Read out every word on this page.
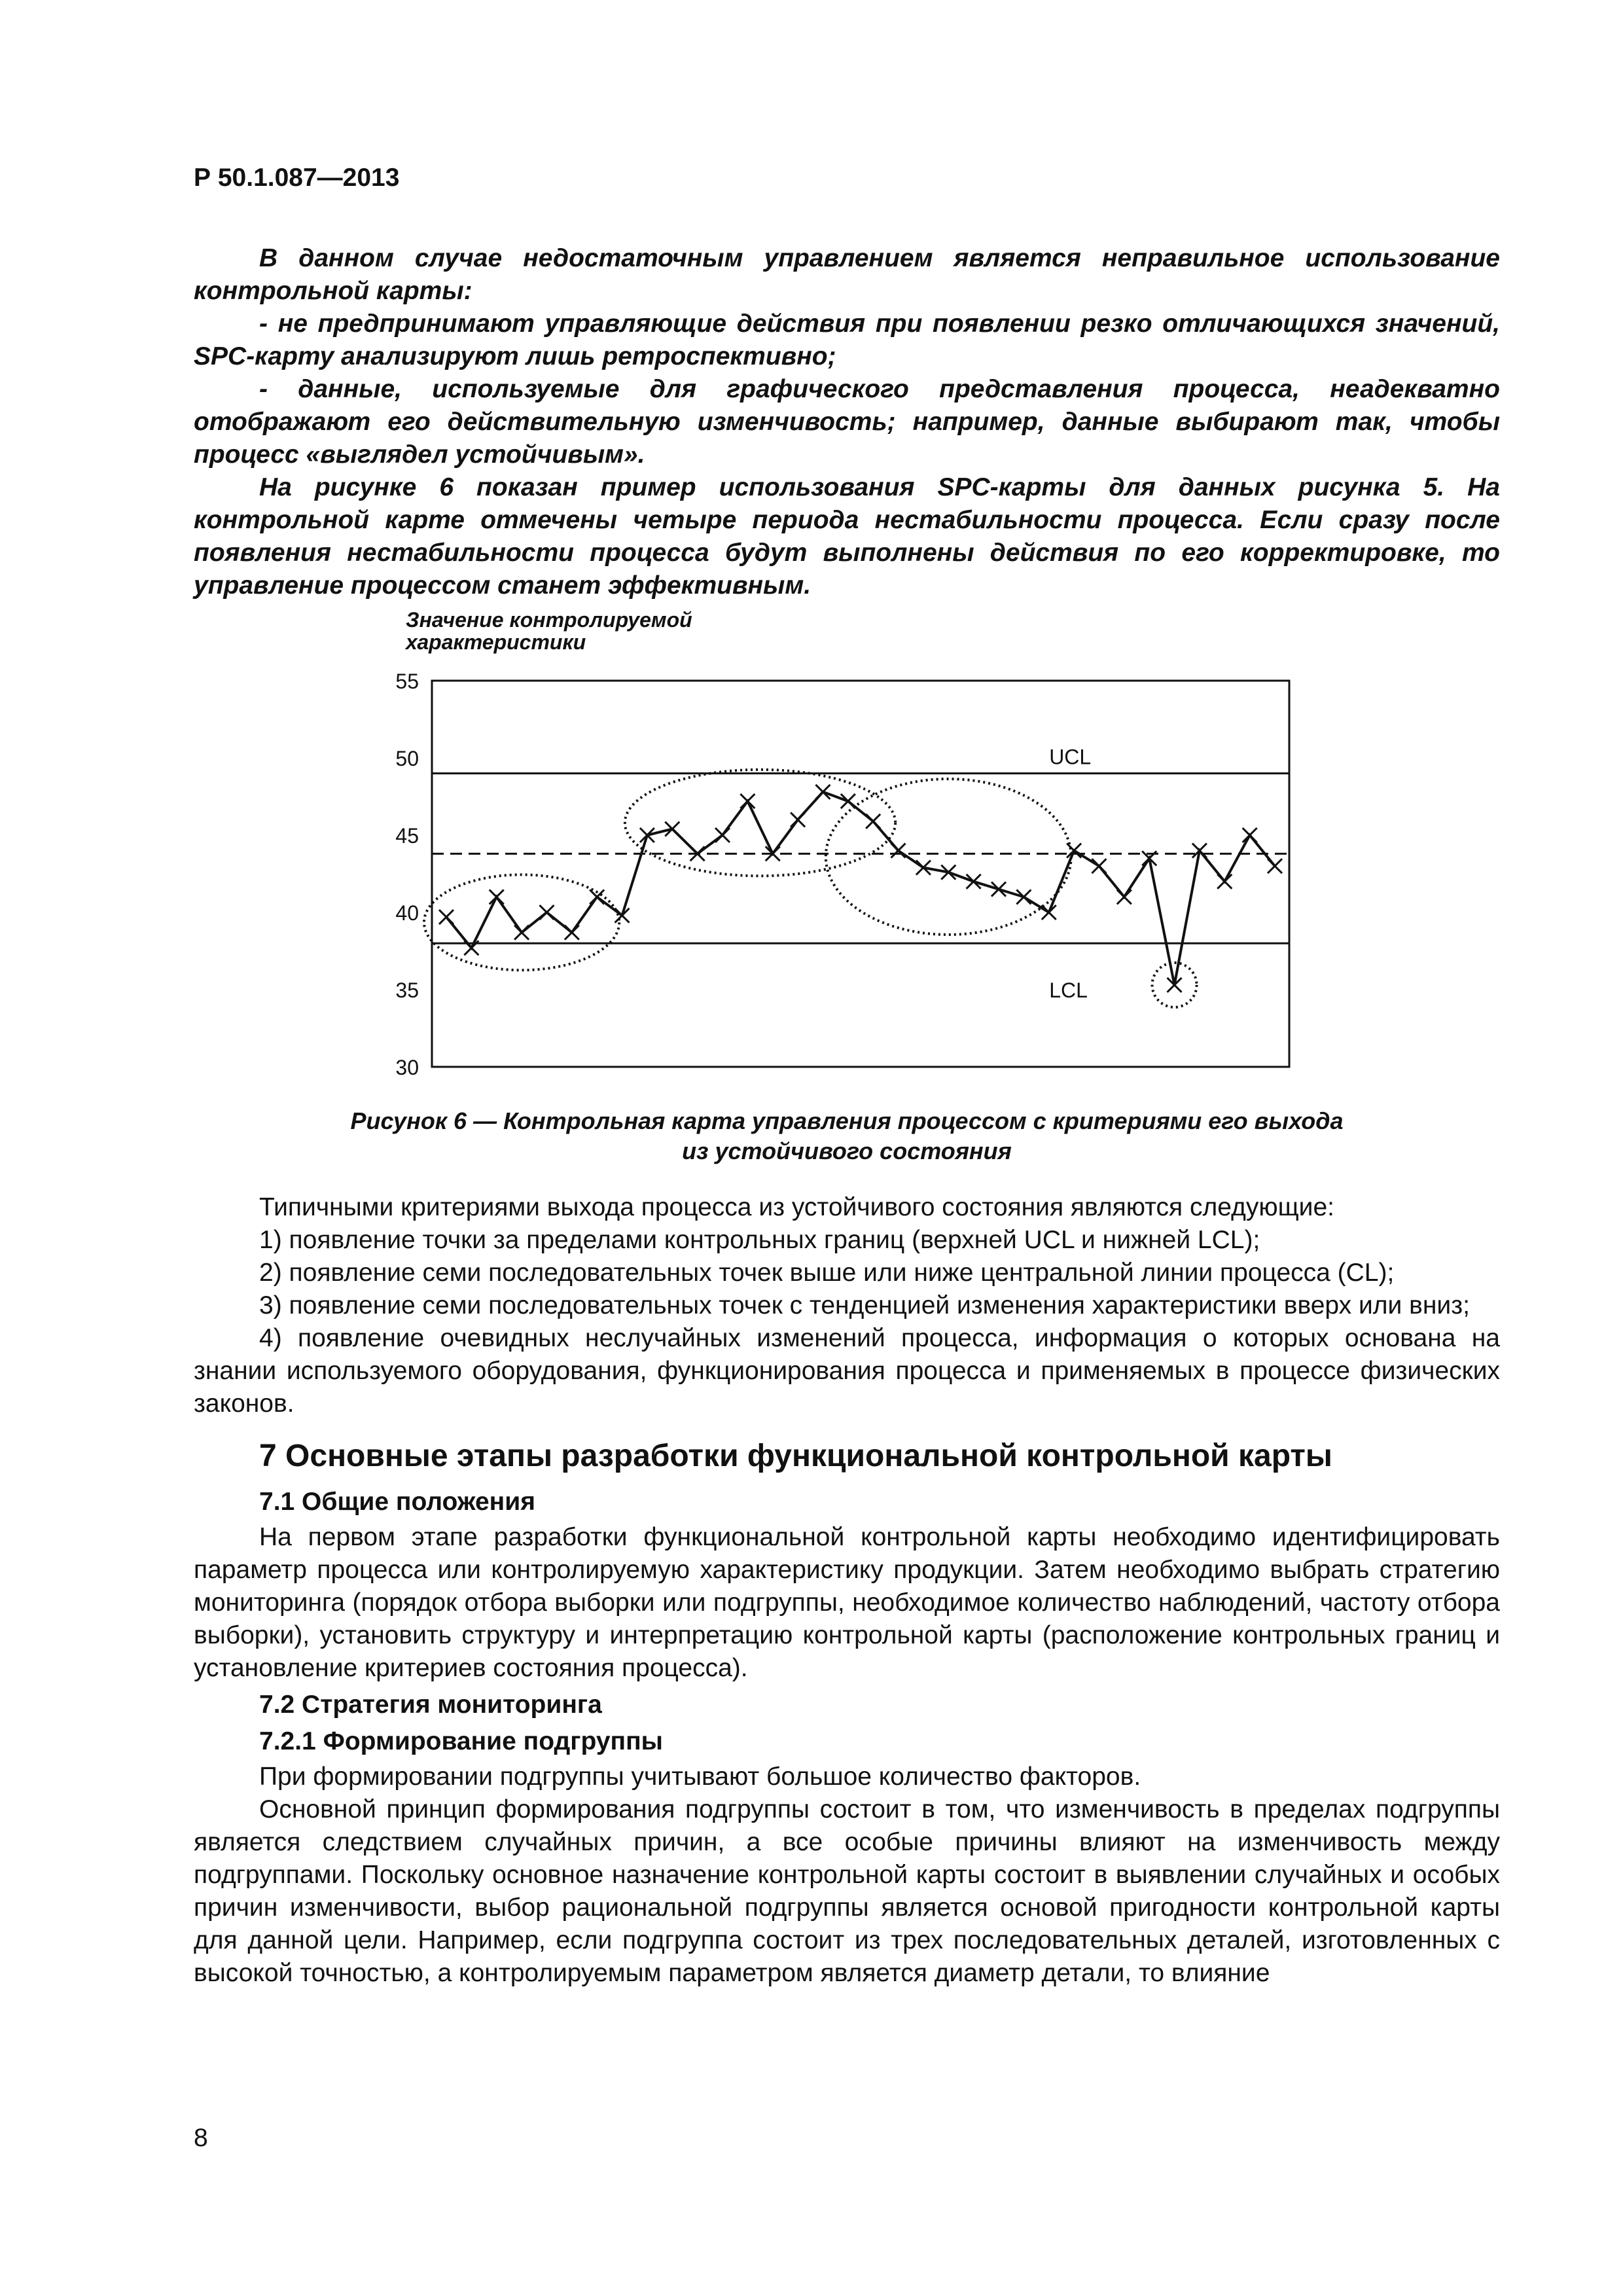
Р 50.1.087—2013

В данном случае недостаточным управлением является неправильное использование контрольной карты:

- не предпринимают управляющие действия при появлении резко отличающихся значений, SPC-карту анализируют лишь ретроспективно;

- данные, используемые для графического представления процесса, неадекватно отображают его действительную изменчивость; например, данные выбирают так, чтобы процесс «выглядел устойчивым».

На рисунке 6 показан пример использования SPC-карты для данных рисунка 5. На контрольной карте отмечены четыре периода нестабильности процесса. Если сразу после появления нестабильности процесса будут выполнены действия по его корректировке, то управление процессом станет эффективным.

Значение контролируемой
характеристики
55
50
45
40
35
30
UCL
LCL
Рисунок 6 — Контрольная карта управления процессом с критериями его выхода
из устойчивого состояния

Типичными критериями выхода процесса из устойчивого состояния являются следующие:

1) появление точки за пределами контрольных границ (верхней UCL и нижней LCL);

2) появление семи последовательных точек выше или ниже центральной линии процесса (CL);

3) появление семи последовательных точек с тенденцией изменения характеристики вверх или вниз;

4) появление очевидных неслучайных изменений процесса, информация о которых основана на знании используемого оборудования, функционирования процесса и применяемых в процессе физических законов.

7 Основные этапы разработки функциональной контрольной карты
7.1 Общие положения

На первом этапе разработки функциональной контрольной карты необходимо идентифицировать параметр процесса или контролируемую характеристику продукции. Затем необходимо выбрать стратегию мониторинга (порядок отбора выборки или подгруппы, необходимое количество наблюдений, частоту отбора выборки), установить структуру и интерпретацию контрольной карты (расположение контрольных границ и установление критериев состояния процесса).

7.2 Стратегия мониторинга
7.2.1 Формирование подгруппы

При формировании подгруппы учитывают большое количество факторов.

Основной принцип формирования подгруппы состоит в том, что изменчивость в пределах подгруппы является следствием случайных причин, а все особые причины влияют на изменчивость между подгруппами. Поскольку основное назначение контрольной карты состоит в выявлении случайных и особых причин изменчивости, выбор рациональной подгруппы является основой пригодности контрольной карты для данной цели. Например, если подгруппа состоит из трех последовательных деталей, изготовленных с высокой точностью, а контролируемым параметром является диаметр детали, то влияние

8
